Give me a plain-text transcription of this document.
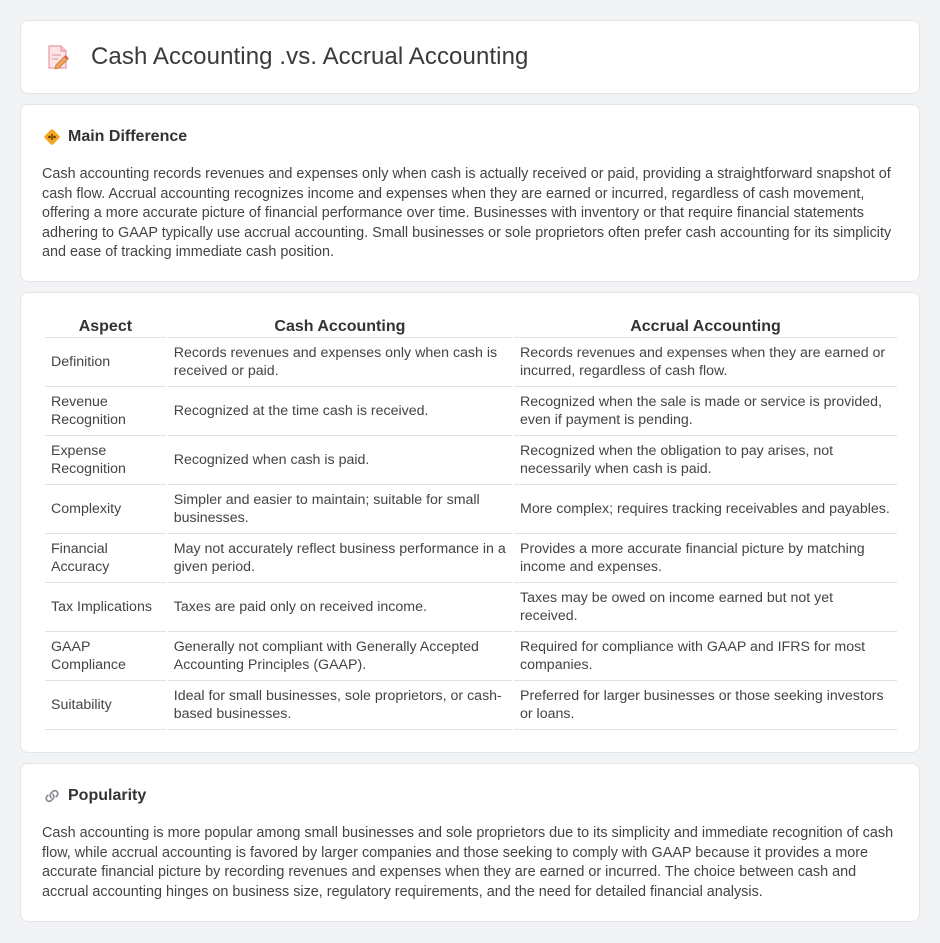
Cash Accounting .vs. Accrual Accounting
Main Difference

Cash accounting records revenues and expenses only when cash is actually received or paid, providing a straightforward snapshot of cash flow. Accrual accounting recognizes income and expenses when they are earned or incurred, regardless of cash movement, offering a more accurate picture of financial performance over time. Businesses with inventory or that require financial statements adhering to GAAP typically use accrual accounting. Small businesses or sole proprietors often prefer cash accounting for its simplicity and ease of tracking immediate cash position.

Aspect	Cash Accounting	Accrual Accounting
Definition	Records revenues and expenses only when cash is received or paid.	Records revenues and expenses when they are earned or incurred, regardless of cash flow.
Revenue Recognition	Recognized at the time cash is received.	Recognized when the sale is made or service is provided, even if payment is pending.
Expense Recognition	Recognized when cash is paid.	Recognized when the obligation to pay arises, not necessarily when cash is paid.
Complexity	Simpler and easier to maintain; suitable for small businesses.	More complex; requires tracking receivables and payables.
Financial Accuracy	May not accurately reflect business performance in a given period.	Provides a more accurate financial picture by matching income and expenses.
Tax Implications	Taxes are paid only on received income.	Taxes may be owed on income earned but not yet received.
GAAP Compliance	Generally not compliant with Generally Accepted Accounting Principles (GAAP).	Required for compliance with GAAP and IFRS for most companies.
Suitability	Ideal for small businesses, sole proprietors, or cash-based businesses.	Preferred for larger businesses or those seeking investors or loans.
Popularity

Cash accounting is more popular among small businesses and sole proprietors due to its simplicity and immediate recognition of cash flow, while accrual accounting is favored by larger companies and those seeking to comply with GAAP because it provides a more accurate financial picture by recording revenues and expenses when they are earned or incurred. The choice between cash and accrual accounting hinges on business size, regulatory requirements, and the need for detailed financial analysis.
